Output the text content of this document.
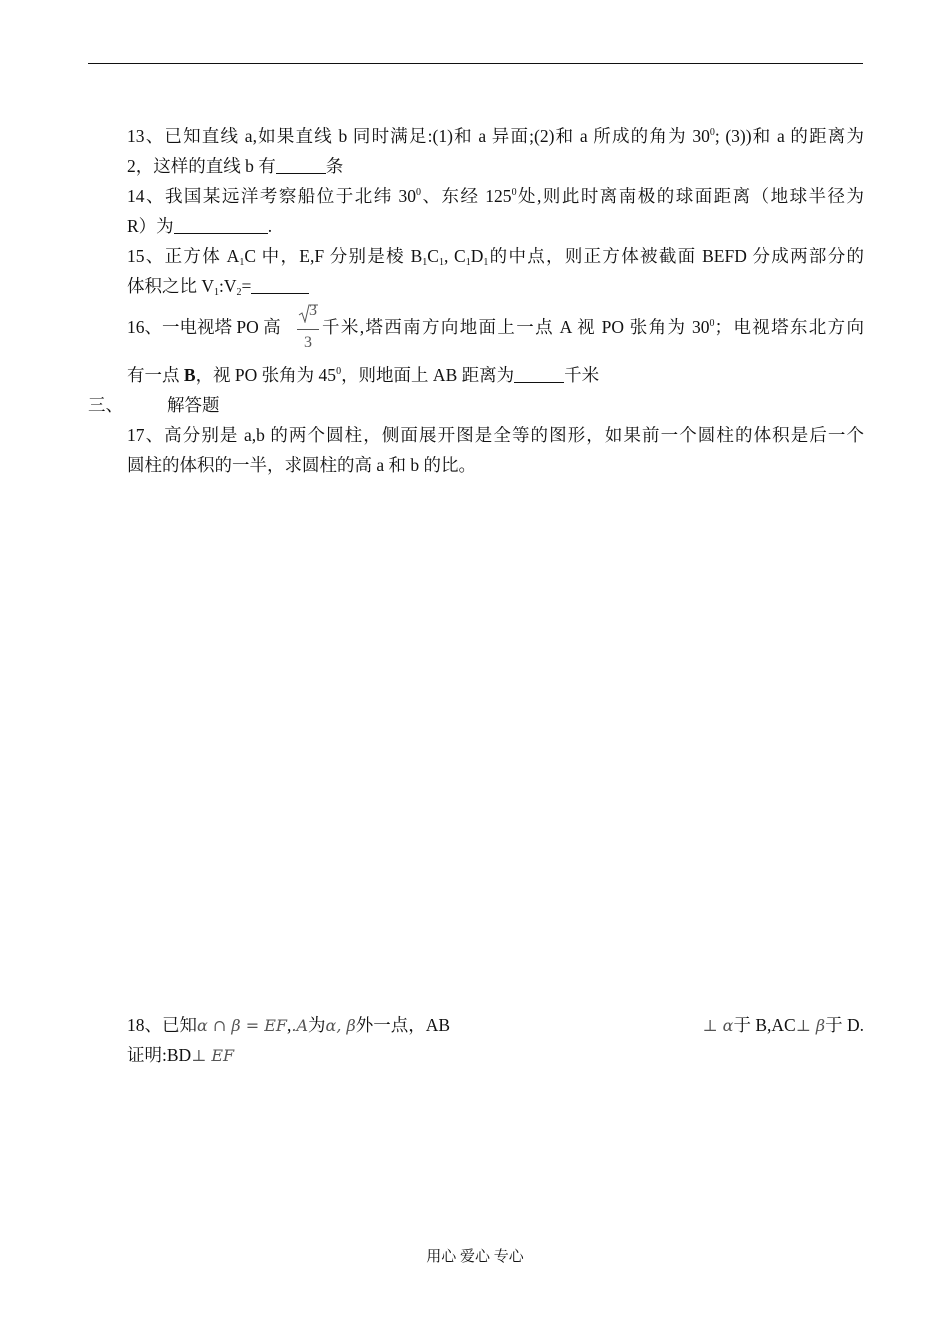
13、已知直线 a,如果直线 b 同时满足:(1)和 a 异面;(2)和 a 所成的角为 $30^0$; (3))和 a 的距离为
2，这样的直线 b 有	条
14、我国某远洋考察船位于北纬 $30^0$、东经 $125^0$处,则此时离南极的球面距离（地球半径为
R）为	.
15、正方体 $A_1C$ 中，E,F 分别是棱 $B_1C_1$, $C_1D_1$的中点，则正方体被截面 BEFD 分成两部分的
体积之比 $V_1:V_2=$
16、一电视塔 PO 高
3
3
千米,塔西南方向地面上一点 A 视 PO 张角为 $30^0$；电视塔东北方向
有一点 B，视 PO 张角为 $45^0$，则地面上 AB 距离为	千米
三、	解答题
17、高分别是 a,b 的两个圆柱，侧面展开图是全等的图形，如果前一个圆柱的体积是后一个
圆柱的体积的一半，求圆柱的高 a 和 b 的比。
18、已知α ∩ β = EF,.A为α, β外一点，AB	⊥ α于 B,AC⊥ β于 D.
证明:BD⊥ EF
用心 爱心 专心
